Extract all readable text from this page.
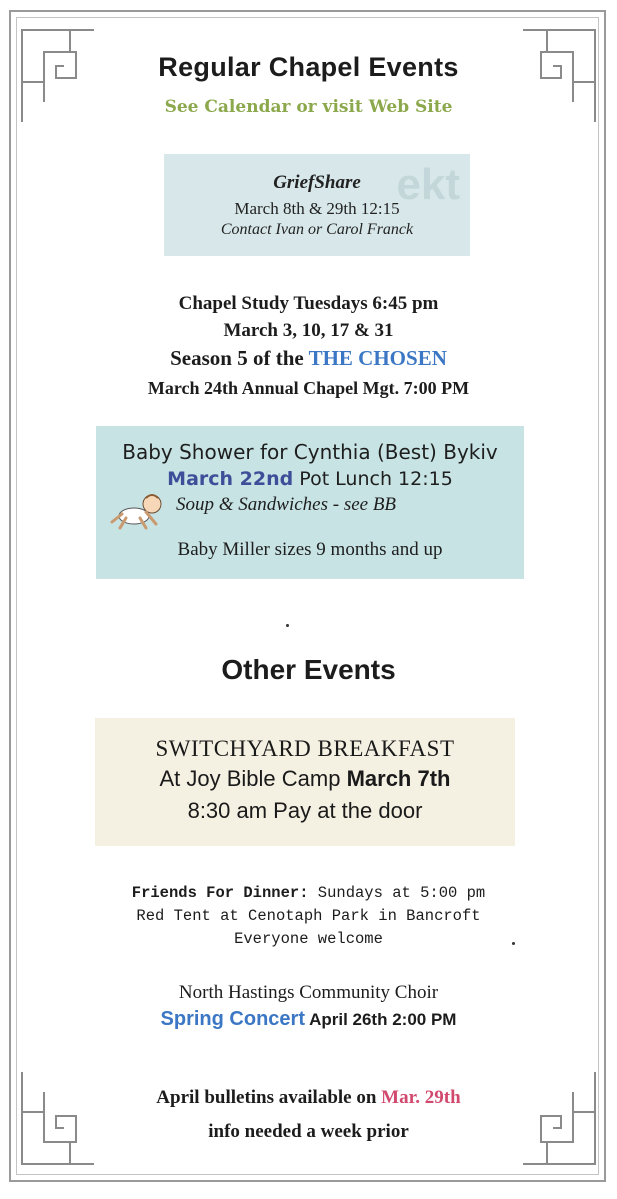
Regular Chapel Events
See Calendar or visit Web Site
ekt
GriefShare
March 8th & 29th 12:15
Contact Ivan or Carol Franck
Chapel Study Tuesdays 6:45 pm
March 3, 10, 17 & 31
Season 5 of the THE CHOSEN
March 24th Annual Chapel Mgt. 7:00 PM
Baby Shower for Cynthia (Best) Bykiv
March 22nd Pot Lunch 12:15
Soup & Sandwiches - see BB
Baby Miller sizes 9 months and up
Other Events
SWITCHYARD BREAKFAST
At Joy Bible Camp March 7th
8:30 am Pay at the door
Friends For Dinner: Sundays at 5:00 pm
Red Tent at Cenotaph Park in Bancroft
Everyone welcome
North Hastings Community Choir
Spring Concert April 26th 2:00 PM
April bulletins available on Mar. 29th
info needed a week prior
